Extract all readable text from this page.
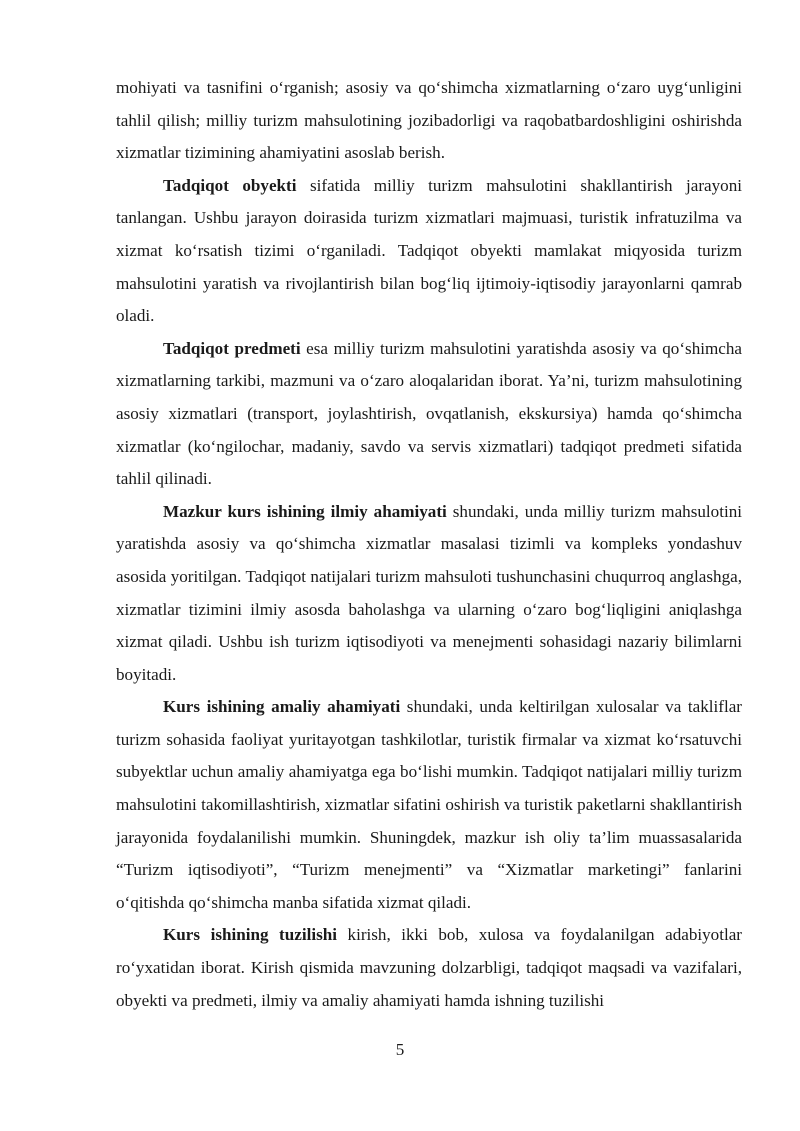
mohiyati va tasnifini o‘rganish; asosiy va qo‘shimcha xizmatlarning o‘zaro uyg‘unligini tahlil qilish; milliy turizm mahsulotining jozibadorligi va raqobatbardoshligini oshirishda xizmatlar tizimining ahamiyatini asoslab berish.

Tadqiqot obyekti sifatida milliy turizm mahsulotini shakllantirish jarayoni tanlangan. Ushbu jarayon doirasida turizm xizmatlari majmuasi, turistik infratuzilma va xizmat ko‘rsatish tizimi o‘rganiladi. Tadqiqot obyekti mamlakat miqyosida turizm mahsulotini yaratish va rivojlantirish bilan bog‘liq ijtimoiy-iqtisodiy jarayonlarni qamrab oladi.

Tadqiqot predmeti esa milliy turizm mahsulotini yaratishda asosiy va qo‘shimcha xizmatlarning tarkibi, mazmuni va o‘zaro aloqalaridan iborat. Ya’ni, turizm mahsulotining asosiy xizmatlari (transport, joylashtirish, ovqatlanish, ekskursiya) hamda qo‘shimcha xizmatlar (ko‘ngilochar, madaniy, savdo va servis xizmatlari) tadqiqot predmeti sifatida tahlil qilinadi.

Mazkur kurs ishining ilmiy ahamiyati shundaki, unda milliy turizm mahsulotini yaratishda asosiy va qo‘shimcha xizmatlar masalasi tizimli va kompleks yondashuv asosida yoritilgan. Tadqiqot natijalari turizm mahsuloti tushunchasini chuqurroq anglashga, xizmatlar tizimini ilmiy asosda baholashga va ularning o‘zaro bog‘liqligini aniqlashga xizmat qiladi. Ushbu ish turizm iqtisodiyoti va menejmenti sohasidagi nazariy bilimlarni boyitadi.

Kurs ishining amaliy ahamiyati shundaki, unda keltirilgan xulosalar va takliflar turizm sohasida faoliyat yuritayotgan tashkilotlar, turistik firmalar va xizmat ko‘rsatuvchi subyektlar uchun amaliy ahamiyatga ega bo‘lishi mumkin. Tadqiqot natijalari milliy turizm mahsulotini takomillashtirish, xizmatlar sifatini oshirish va turistik paketlarni shakllantirish jarayonida foydalanilishi mumkin. Shuningdek, mazkur ish oliy ta’lim muassasalarida “Turizm iqtisodiyoti”, “Turizm menejmenti” va “Xizmatlar marketingi” fanlarini o‘qitishda qo‘shimcha manba sifatida xizmat qiladi.

Kurs ishining tuzilishi kirish, ikki bob, xulosa va foydalanilgan adabiyotlar ro‘yxatidan iborat. Kirish qismida mavzuning dolzarbligi, tadqiqot maqsadi va vazifalari, obyekti va predmeti, ilmiy va amaliy ahamiyati hamda ishning tuzilishi

5
